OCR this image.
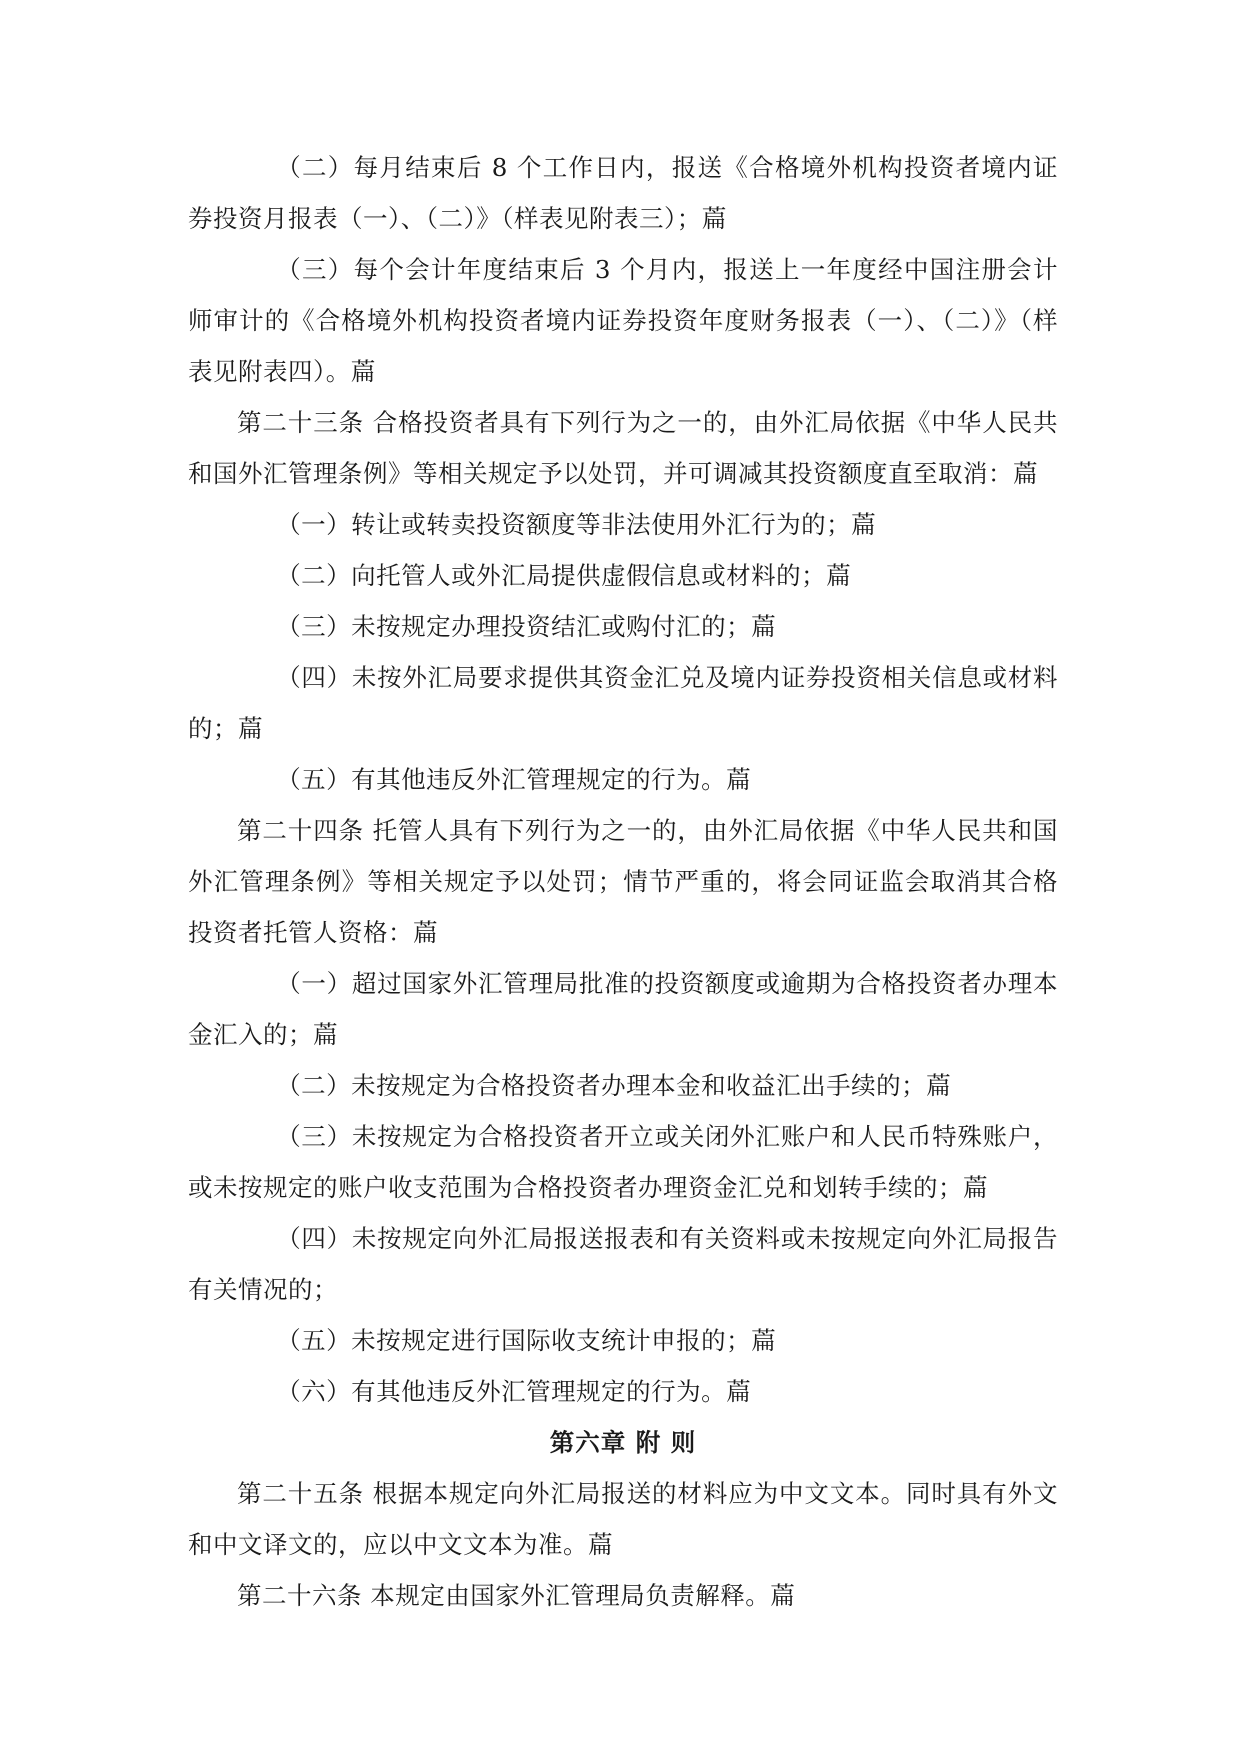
（二）每月结束后 8 个工作日内，报送《合格境外机构投资者境内证券投资月报表（一）、（二）》（样表见附表三）；萹

（三）每个会计年度结束后 3 个月内，报送上一年度经中国注册会计师审计的《合格境外机构投资者境内证券投资年度财务报表（一）、（二）》（样表见附表四）。萹

第二十三条 合格投资者具有下列行为之一的，由外汇局依据《中华人民共和国外汇管理条例》等相关规定予以处罚，并可调减其投资额度直至取消：萹

（一）转让或转卖投资额度等非法使用外汇行为的；萹

（二）向托管人或外汇局提供虚假信息或材料的；萹

（三）未按规定办理投资结汇或购付汇的；萹

（四）未按外汇局要求提供其资金汇兑及境内证券投资相关信息或材料的；萹

（五）有其他违反外汇管理规定的行为。萹

第二十四条 托管人具有下列行为之一的，由外汇局依据《中华人民共和国外汇管理条例》等相关规定予以处罚；情节严重的，将会同证监会取消其合格投资者托管人资格：萹

（一）超过国家外汇管理局批准的投资额度或逾期为合格投资者办理本金汇入的；萹

（二）未按规定为合格投资者办理本金和收益汇出手续的；萹

（三）未按规定为合格投资者开立或关闭外汇账户和人民币特殊账户，或未按规定的账户收支范围为合格投资者办理资金汇兑和划转手续的；萹

（四）未按规定向外汇局报送报表和有关资料或未按规定向外汇局报告有关情况的；

（五）未按规定进行国际收支统计申报的；萹

（六）有其他违反外汇管理规定的行为。萹

第六章 附 则

第二十五条 根据本规定向外汇局报送的材料应为中文文本。同时具有外文和中文译文的，应以中文文本为准。萹

第二十六条 本规定由国家外汇管理局负责解释。萹
